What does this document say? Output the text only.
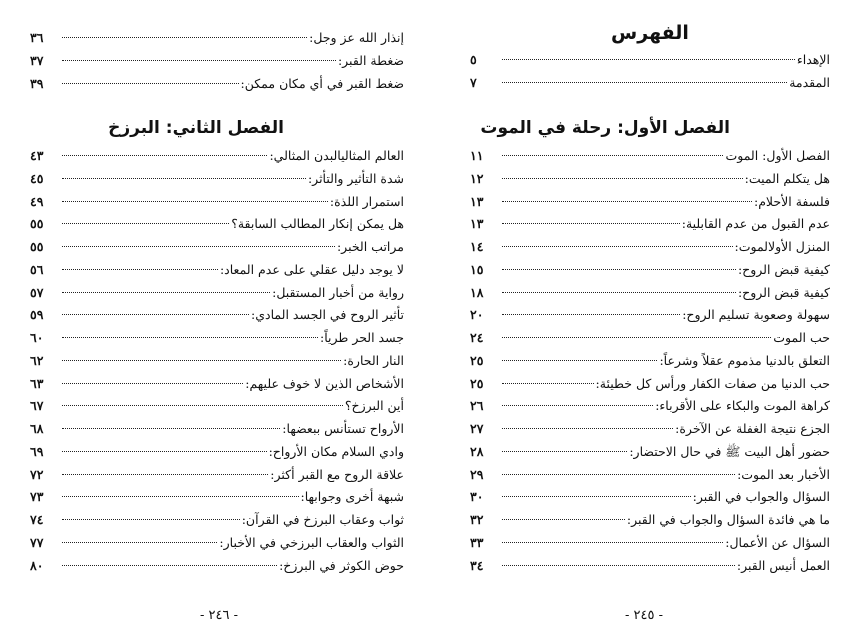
إنذار الله عز وجل:
٣٦
ضغطة القبر:
٣٧
ضغط القبر في أي مكان ممكن:
٣٩
الفصل الثاني: البرزخ
العالم المثاليالبدن المثالي:
٤٣
شدة التأثير والتأثر:
٤٥
استمرار اللذة:
٤٩
هل يمكن إنكار المطالب السابقة؟
٥٥
مراتب الخبر:
٥٥
لا يوجد دليل عقلي على عدم المعاد:
٥٦
رواية من أخبار المستقبل:
٥٧
تأثير الروح في الجسد المادي:
٥٩
جسد الحر طرياً:
٦٠
النار الحارة:
٦٢
الأشخاص الذين لا خوف عليهم:
٦٣
أين البرزخ؟
٦٧
الأرواح تستأنس ببعضها:
٦٨
وادي السلام مكان الأرواح:
٦٩
علاقة الروح مع القبر أكثر:
٧٢
شبهة أخرى وجوابها:
٧٣
ثواب وعقاب البرزخ في القرآن:
٧٤
الثواب والعقاب البرزخي في الأخبار:
٧٧
حوض الكوثر في البرزخ:
٨٠
- ٢٤٦ -
الفهرس
الإهداء
٥
المقدمة
٧
الفصل الأول: رحلة في الموت
الفصل الأول: الموت
١١
هل يتكلم الميت:
١٢
فلسفة الأحلام:
١٣
عدم القبول من عدم القابلية:
١٣
المنزل الأولالموت:
١٤
كيفية قبض الروح:
١٥
كيفية قبض الروح:
١٨
سهولة وصعوبة تسليم الروح:
٢٠
حب الموت
٢٤
التعلق بالدنيا مذموم عقلاً وشرعاً:
٢٥
حب الدنيا من صفات الكفار ورأس كل خطيئة:
٢٥
كراهة الموت والبكاء على الأقرباء:
٢٦
الجزع نتيجة الغفلة عن الآخرة:
٢٧
حضور أهل البيت ﷺ في حال الاحتضار:
٢٨
الأخبار بعد الموت:
٢٩
السؤال والجواب في القبر:
٣٠
ما هي فائدة السؤال والجواب في القبر:
٣٢
السؤال عن الأعمال:
٣٣
العمل أنيس القبر:
٣٤
- ٢٤٥ -
